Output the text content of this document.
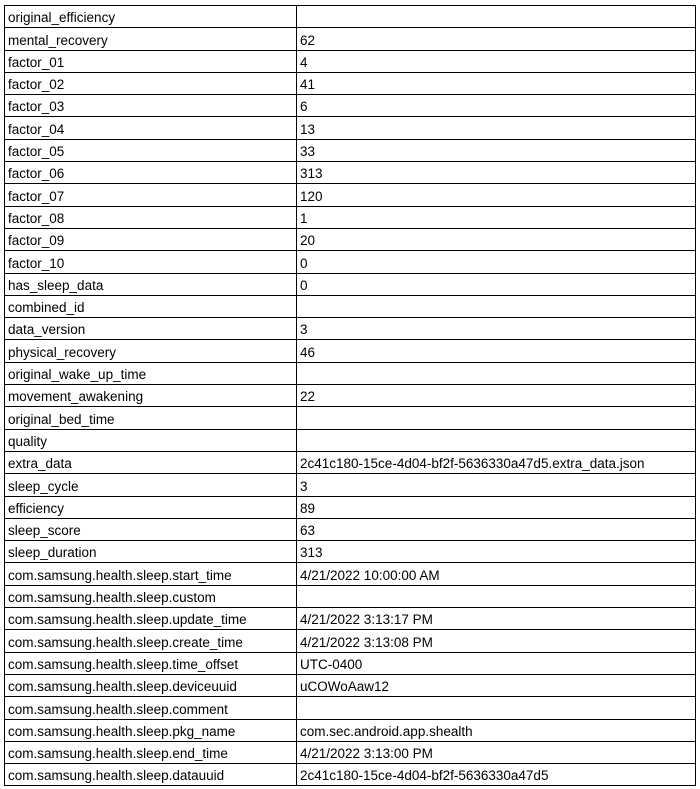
original_efficiency	
mental_recovery	62
factor_01	4
factor_02	41
factor_03	6
factor_04	13
factor_05	33
factor_06	313
factor_07	120
factor_08	1
factor_09	20
factor_10	0
has_sleep_data	0
combined_id	
data_version	3
physical_recovery	46
original_wake_up_time	
movement_awakening	22
original_bed_time	
quality	
extra_data	2c41c180-15ce-4d04-bf2f-5636330a47d5.extra_data.json
sleep_cycle	3
efficiency	89
sleep_score	63
sleep_duration	313
com.samsung.health.sleep.start_time	4/21/2022 10:00:00 AM
com.samsung.health.sleep.custom	
com.samsung.health.sleep.update_time	4/21/2022 3:13:17 PM
com.samsung.health.sleep.create_time	4/21/2022 3:13:08 PM
com.samsung.health.sleep.time_offset	UTC-0400
com.samsung.health.sleep.deviceuuid	uCOWoAaw12
com.samsung.health.sleep.comment	
com.samsung.health.sleep.pkg_name	com.sec.android.app.shealth
com.samsung.health.sleep.end_time	4/21/2022 3:13:00 PM
com.samsung.health.sleep.datauuid	2c41c180-15ce-4d04-bf2f-5636330a47d5
